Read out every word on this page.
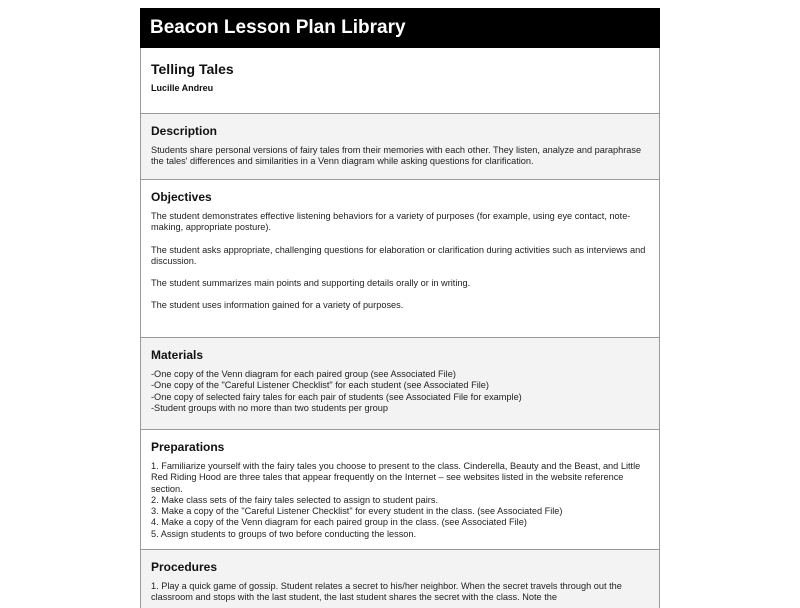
Beacon Lesson Plan Library
Telling Tales
Lucille Andreu
Description

Students share personal versions of fairy tales from their memories with each other. They listen, analyze and paraphrase the tales' differences and similarities in a Venn diagram while asking questions for clarification.

Objectives

The student demonstrates effective listening behaviors for a variety of purposes (for example, using eye contact, note-making, appropriate posture).

The student asks appropriate, challenging questions for elaboration or clarification during activities such as interviews and discussion.

The student summarizes main points and supporting details orally or in writing.

The student uses information gained for a variety of purposes.

Materials
-One copy of the Venn diagram for each paired group (see Associated File)
-One copy of the "Careful Listener Checklist" for each student (see Associated File)
-One copy of selected fairy tales for each pair of students (see Associated File for example)
-Student groups with no more than two students per group
Preparations
1. Familiarize yourself with the fairy tales you choose to present to the class. Cinderella, Beauty and the Beast, and Little Red Riding Hood are three tales that appear frequently on the Internet – see websites listed in the website reference section.
2. Make class sets of the fairy tales selected to assign to student pairs.
3. Make a copy of the "Careful Listener Checklist" for every student in the class. (see Associated File)
4. Make a copy of the Venn diagram for each paired group in the class. (see Associated File)
5. Assign students to groups of two before conducting the lesson.
Procedures

1. Play a quick game of gossip. Student relates a secret to his/her neighbor. When the secret travels through out the classroom and stops with the last student, the last student shares the secret with the class. Note the
